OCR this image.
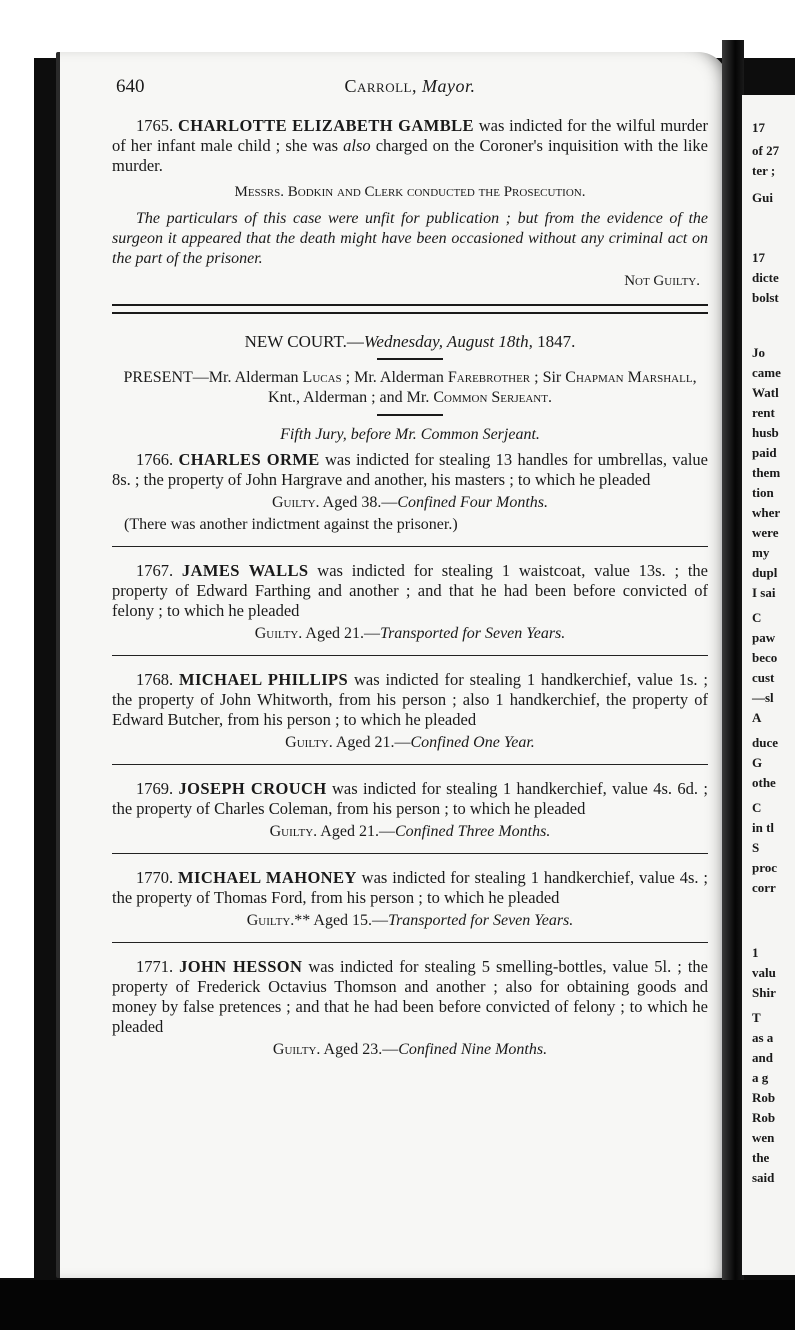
17
of 27
ter ;
Gui
17
dicte
bolst
Jo
came
Watl
rent
husb
paid
them
tion
wher
were
my
dupl
I sai
C
paw
beco
cust
—sl
A
duce
G
othe
C
in tl
S
proc
corr
1
valu
Shir
T
as a
and
a g
Rob
Rob
wen
the
said
640	Carroll, Mayor.

1765. CHARLOTTE ELIZABETH GAMBLE was indicted for the wilful murder of her infant male child ; she was also charged on the Coroner's inquisition with the like murder.

Messrs. Bodkin and Clerk conducted the Prosecution.
The particulars of this case were unfit for publication ; but from the evidence of the surgeon it appeared that the death might have been occasioned without any criminal act on the part of the prisoner.
Not Guilty.
NEW COURT.—Wednesday, August 18th, 1847.
PRESENT—Mr. Alderman Lucas ; Mr. Alderman Farebrother ; Sir Chapman Marshall, Knt., Alderman ; and Mr. Common Serjeant.
Fifth Jury, before Mr. Common Serjeant.

1766. CHARLES ORME was indicted for stealing 13 handles for umbrellas, value 8s. ; the property of John Hargrave and another, his masters ; to which he pleaded

Guilty. Aged 38.—Confined Four Months.
(There was another indictment against the prisoner.)

1767. JAMES WALLS was indicted for stealing 1 waistcoat, value 13s. ; the property of Edward Farthing and another ; and that he had been before convicted of felony ; to which he pleaded

Guilty. Aged 21.—Transported for Seven Years.

1768. MICHAEL PHILLIPS was indicted for stealing 1 handkerchief, value 1s. ; the property of John Whitworth, from his person ; also 1 handkerchief, the property of Edward Butcher, from his person ; to which he pleaded

Guilty. Aged 21.—Confined One Year.

1769. JOSEPH CROUCH was indicted for stealing 1 handkerchief, value 4s. 6d. ; the property of Charles Coleman, from his person ; to which he pleaded

Guilty. Aged 21.—Confined Three Months.

1770. MICHAEL MAHONEY was indicted for stealing 1 handkerchief, value 4s. ; the property of Thomas Ford, from his person ; to which he pleaded

Guilty.** Aged 15.—Transported for Seven Years.

1771. JOHN HESSON was indicted for stealing 5 smelling-bottles, value 5l. ; the property of Frederick Octavius Thomson and another ; also for obtaining goods and money by false pretences ; and that he had been before convicted of felony ; to which he pleaded

Guilty. Aged 23.—Confined Nine Months.
